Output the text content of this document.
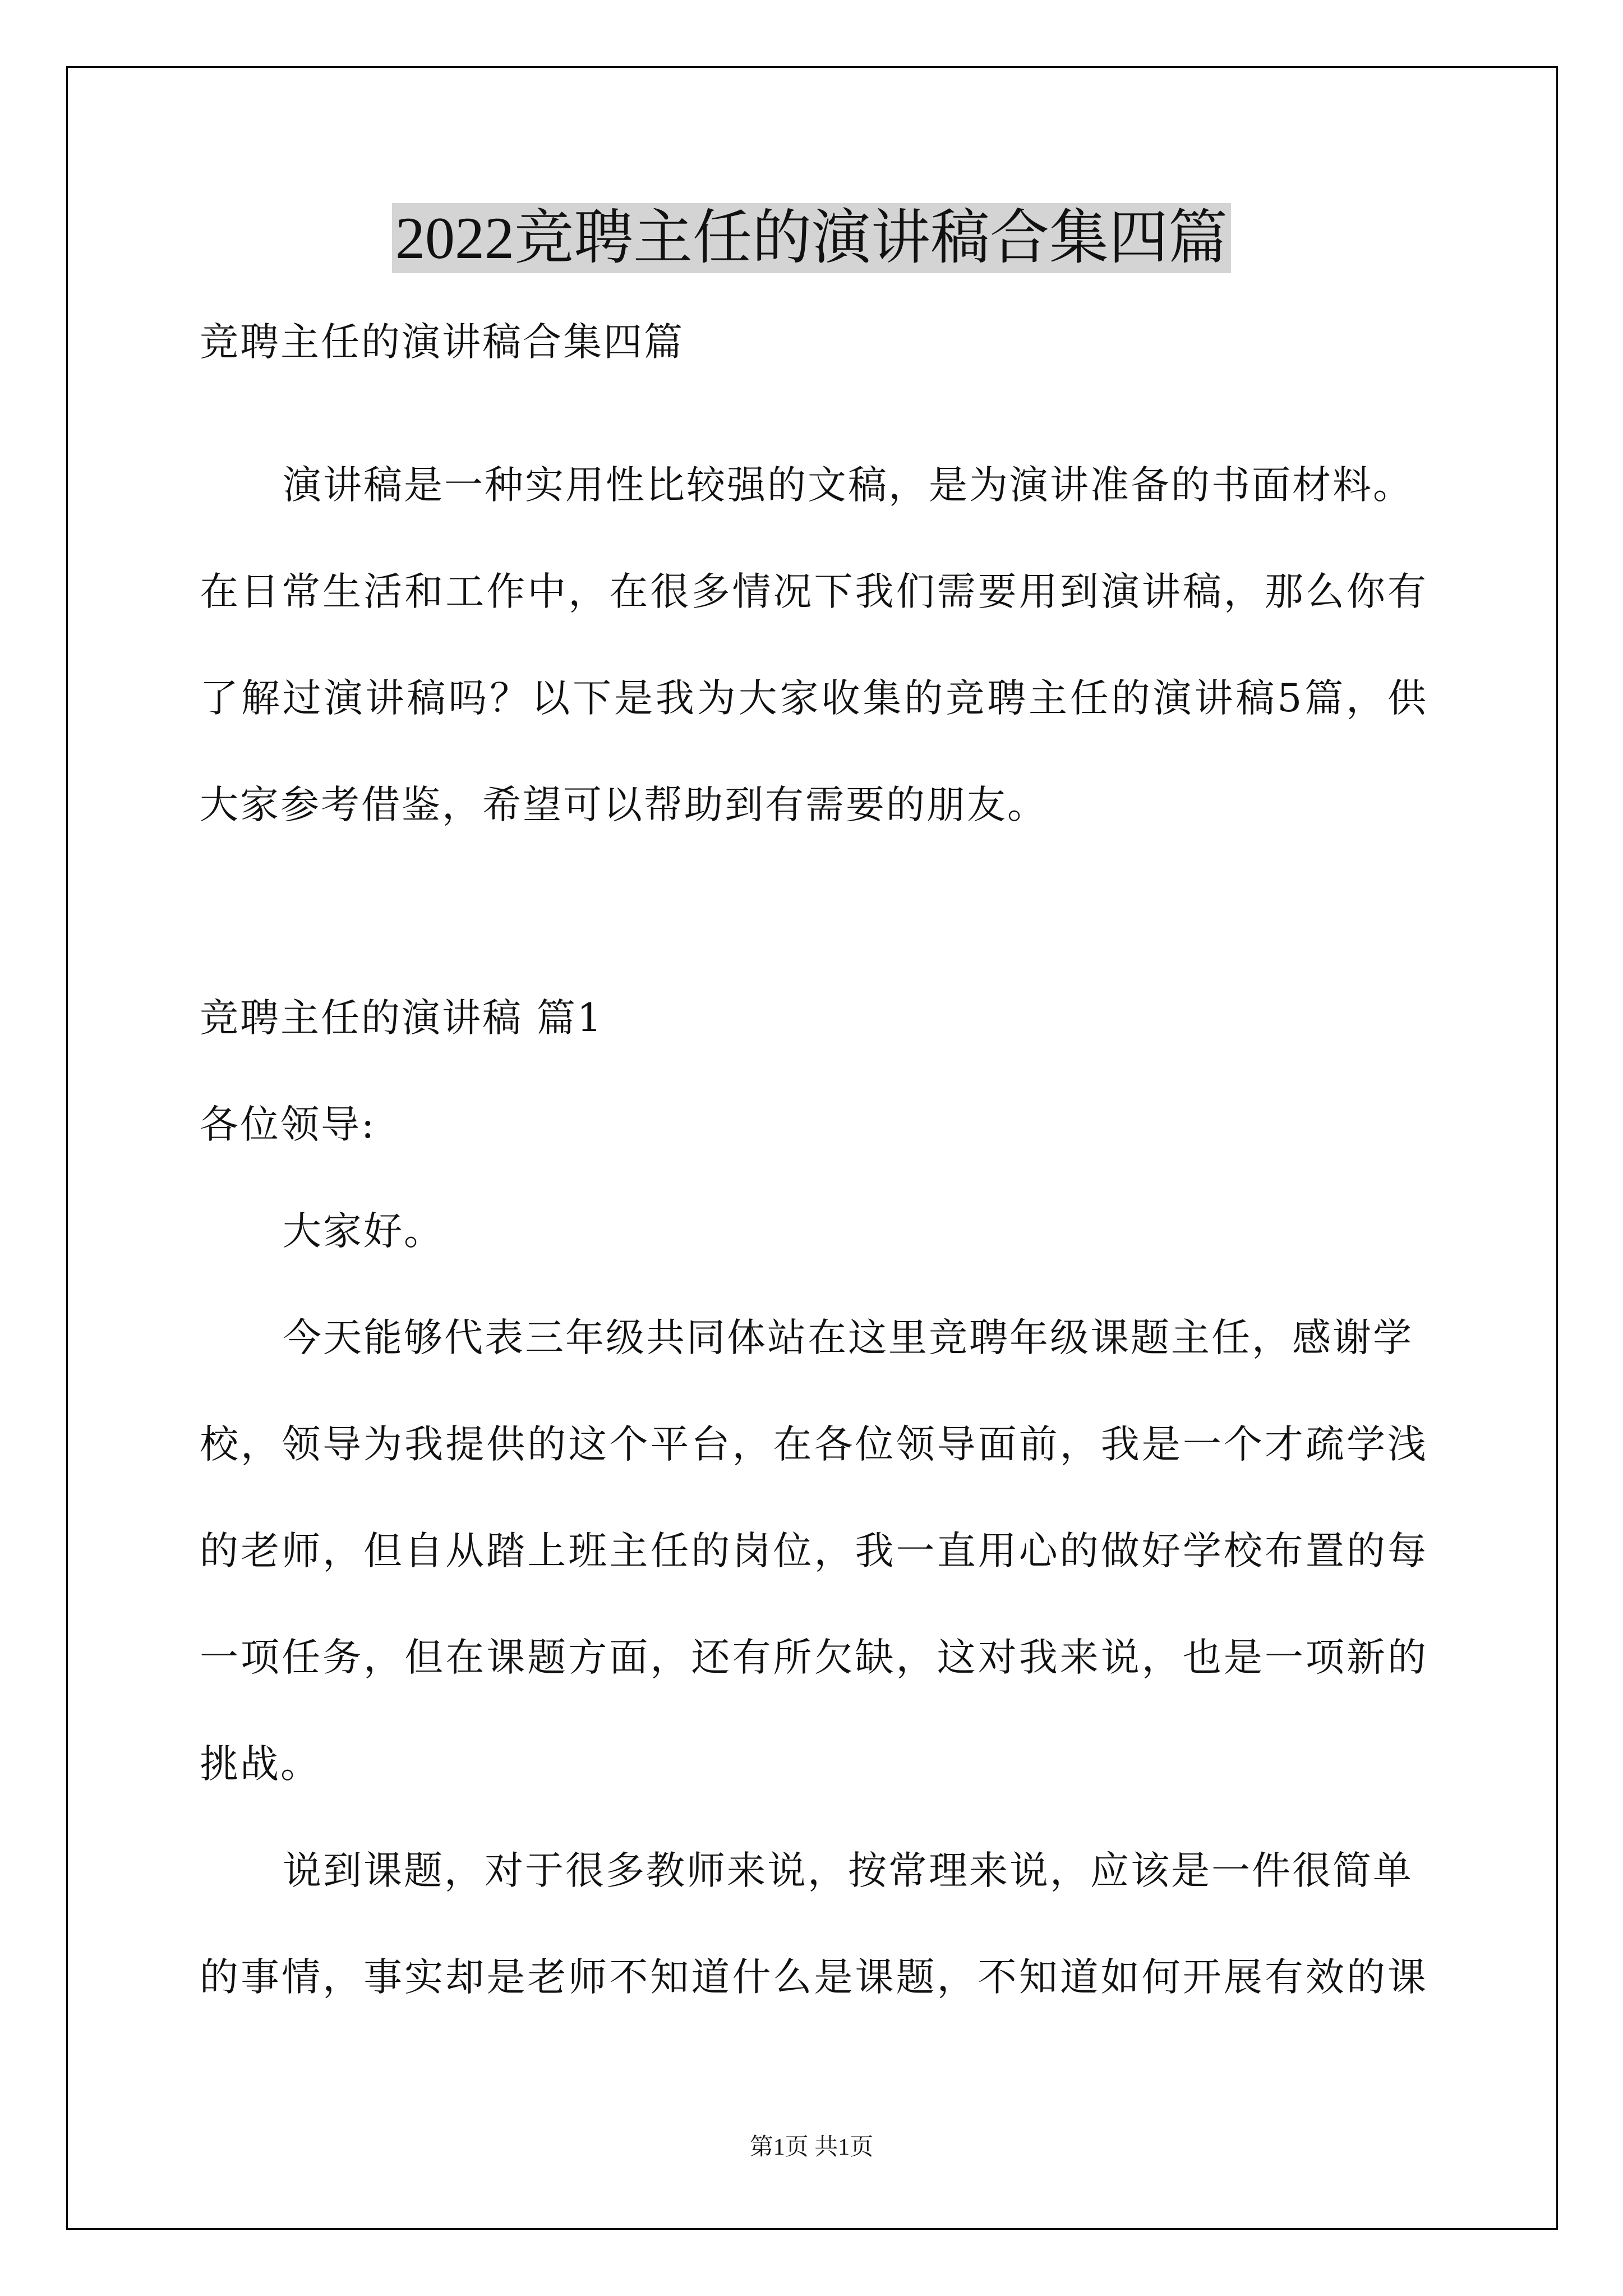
2022竞聘主任的演讲稿合集四篇
竞聘主任的演讲稿合集四篇
演讲稿是一种实用性比较强的文稿，是为演讲准备的书面材料。
在日常生活和工作中，在很多情况下我们需要用到演讲稿，那么你有
了解过演讲稿吗？以下是我为大家收集的竞聘主任的演讲稿5篇，供
大家参考借鉴，希望可以帮助到有需要的朋友。
竞聘主任的演讲稿 篇1
各位领导:
大家好。
今天能够代表三年级共同体站在这里竞聘年级课题主任，感谢学
校，领导为我提供的这个平台，在各位领导面前，我是一个才疏学浅
的老师，但自从踏上班主任的岗位，我一直用心的做好学校布置的每
一项任务，但在课题方面，还有所欠缺，这对我来说，也是一项新的
挑战。
说到课题，对于很多教师来说，按常理来说，应该是一件很简单
的事情，事实却是老师不知道什么是课题，不知道如何开展有效的课
第1页 共1页
